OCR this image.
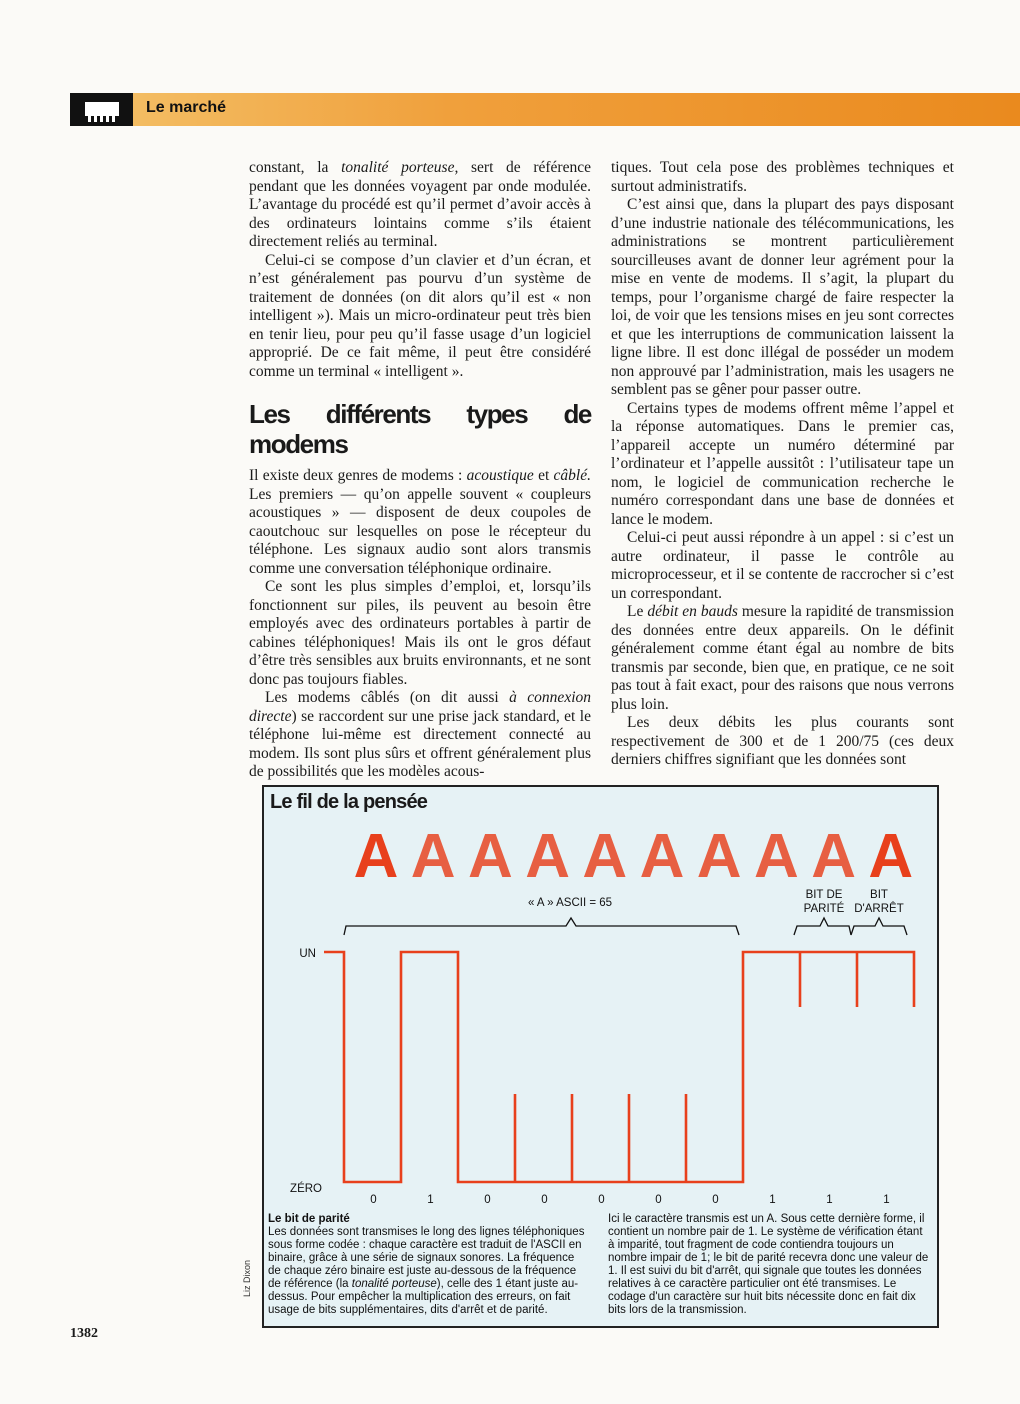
Le marché

constant, la tonalité porteuse, sert de référence pendant que les données voyagent par onde modulée. L’avantage du procédé est qu’il permet d’avoir accès à des ordinateurs lointains comme s’ils étaient directement reliés au terminal.

Celui-ci se compose d’un clavier et d’un écran, et n’est généralement pas pourvu d’un système de traitement de données (on dit alors qu’il est « non intelligent »). Mais un micro-ordinateur peut très bien en tenir lieu, pour peu qu’il fasse usage d’un logiciel approprié. De ce fait même, il peut être considéré comme un terminal « intelligent ».

Les différents types de modems

Il existe deux genres de modems : acoustique et câblé. Les premiers — qu’on appelle souvent « coupleurs acoustiques » — disposent de deux coupoles de caoutchouc sur lesquelles on pose le récepteur du téléphone. Les signaux audio sont alors transmis comme une conversation téléphonique ordinaire.

Ce sont les plus simples d’emploi, et, lorsqu’ils fonctionnent sur piles, ils peuvent au besoin être employés avec des ordinateurs portables à partir de cabines téléphoniques! Mais ils ont le gros défaut d’être très sensibles aux bruits environnants, et ne sont donc pas toujours fiables.

Les modems câblés (on dit aussi à connexion directe) se raccordent sur une prise jack standard, et le téléphone lui-même est directement connecté au modem. Ils sont plus sûrs et offrent généralement plus de possibilités que les modèles acous-

tiques. Tout cela pose des problèmes techniques et surtout administratifs.

C’est ainsi que, dans la plupart des pays disposant d’une industrie nationale des télécommunications, les administrations se montrent particulièrement sourcilleuses avant de donner leur agrément pour la mise en vente de modems. Il s’agit, la plupart du temps, pour l’organisme chargé de faire respecter la loi, de voir que les tensions mises en jeu sont correctes et que les interruptions de communication laissent la ligne libre. Il est donc illégal de posséder un modem non approuvé par l’administration, mais les usagers ne semblent pas se gêner pour passer outre.

Certains types de modems offrent même l’appel et la réponse automatiques. Dans le premier cas, l’appareil accepte un numéro déterminé par l’ordinateur et l’appelle aussitôt : l’utilisateur tape un nom, le logiciel de communication recherche le numéro correspondant dans une base de données et lance le modem.

Celui-ci peut aussi répondre à un appel : si c’est un autre ordinateur, il passe le contrôle au microprocesseur, et il se contente de raccrocher si c’est un correspondant.

Le débit en bauds mesure la rapidité de transmission des données entre deux appareils. On le définit généralement comme étant égal au nombre de bits transmis par seconde, bien que, en pratique, ce ne soit pas tout à fait exact, pour des raisons que nous verrons plus loin.

Les deux débits les plus courants sont respectivement de 300 et de 1 200/75 (ces deux derniers chiffres signifiant que les données sont

A A A A A A A A A A
« A » ASCII = 65
BIT DE
PARITÉ
BIT
D'ARRÊT
UN
ZÉRO
0	1	0	0	0	0	0	1	1	1
Le fil de la pensée
Le bit de parité
Les données sont transmises le long des lignes téléphoniques sous forme codée : chaque caractère est traduit de l'ASCII en binaire, grâce à une série de signaux sonores. La fréquence de chaque zéro binaire est juste au-dessous de la fréquence de référence (la tonalité porteuse), celle des 1 étant juste au-dessus. Pour empêcher la multiplication des erreurs, on fait usage de bits supplémentaires, dits d'arrêt et de parité.
Ici le caractère transmis est un A. Sous cette dernière forme, il contient un nombre pair de 1. Le système de vérification étant à imparité, tout fragment de code contiendra toujours un nombre impair de 1; le bit de parité recevra donc une valeur de 1. Il est suivi du bit d'arrêt, qui signale que toutes les données relatives à ce caractère particulier ont été transmises. Le codage d'un caractère sur huit bits nécessite donc en fait dix bits lors de la transmission.
Liz Dixon
1382
